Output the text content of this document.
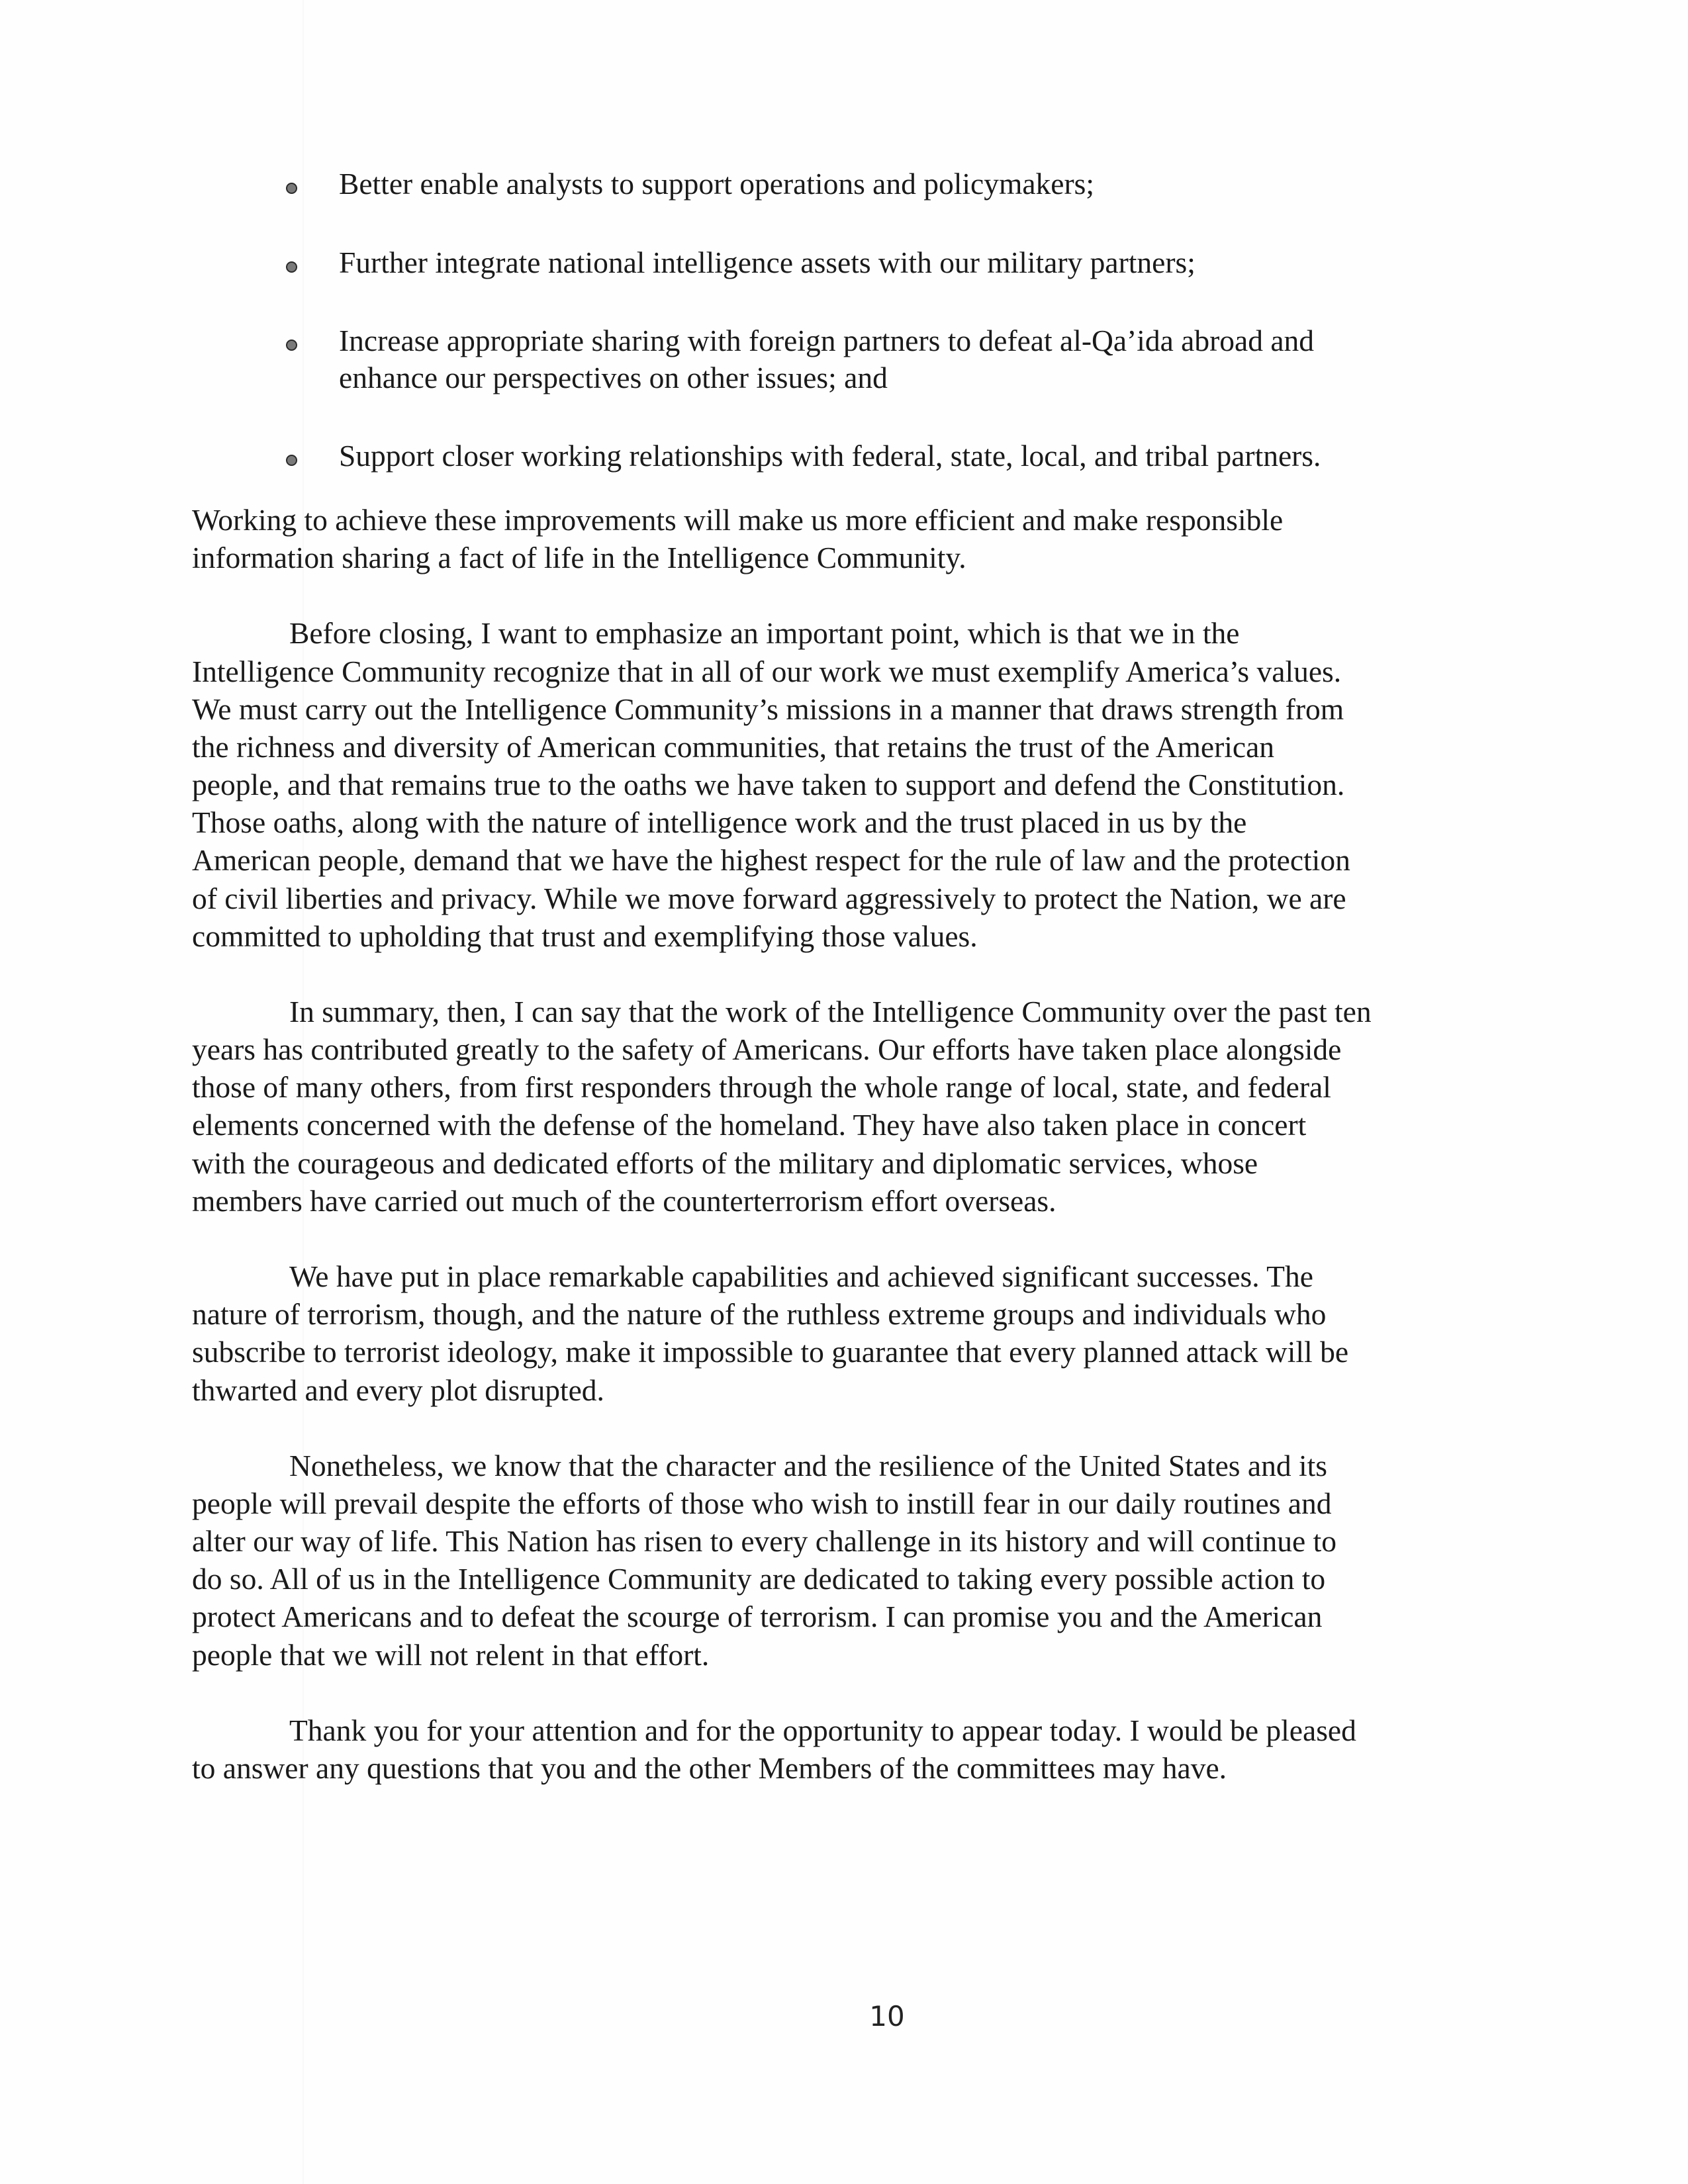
Better enable analysts to support operations and policymakers;
Further integrate national intelligence assets with our military partners;
Increase appropriate sharing with foreign partners to defeat al-Qa’ida abroad and
enhance our perspectives on other issues; and
Support closer working relationships with federal, state, local, and tribal partners.

Working to achieve these improvements will make us more efficient and make responsible
information sharing a fact of life in the Intelligence Community.

Before closing, I want to emphasize an important point, which is that we in the
Intelligence Community recognize that in all of our work we must exemplify America’s values.
We must carry out the Intelligence Community’s missions in a manner that draws strength from
the richness and diversity of American communities, that retains the trust of the American
people, and that remains true to the oaths we have taken to support and defend the Constitution.
Those oaths, along with the nature of intelligence work and the trust placed in us by the
American people, demand that we have the highest respect for the rule of law and the protection
of civil liberties and privacy. While we move forward aggressively to protect the Nation, we are
committed to upholding that trust and exemplifying those values.

In summary, then, I can say that the work of the Intelligence Community over the past ten
years has contributed greatly to the safety of Americans. Our efforts have taken place alongside
those of many others, from first responders through the whole range of local, state, and federal
elements concerned with the defense of the homeland. They have also taken place in concert
with the courageous and dedicated efforts of the military and diplomatic services, whose
members have carried out much of the counterterrorism effort overseas.

We have put in place remarkable capabilities and achieved significant successes. The
nature of terrorism, though, and the nature of the ruthless extreme groups and individuals who
subscribe to terrorist ideology, make it impossible to guarantee that every planned attack will be
thwarted and every plot disrupted.

Nonetheless, we know that the character and the resilience of the United States and its
people will prevail despite the efforts of those who wish to instill fear in our daily routines and
alter our way of life. This Nation has risen to every challenge in its history and will continue to
do so. All of us in the Intelligence Community are dedicated to taking every possible action to
protect Americans and to defeat the scourge of terrorism. I can promise you and the American
people that we will not relent in that effort.

Thank you for your attention and for the opportunity to appear today. I would be pleased
to answer any questions that you and the other Members of the committees may have.

10
